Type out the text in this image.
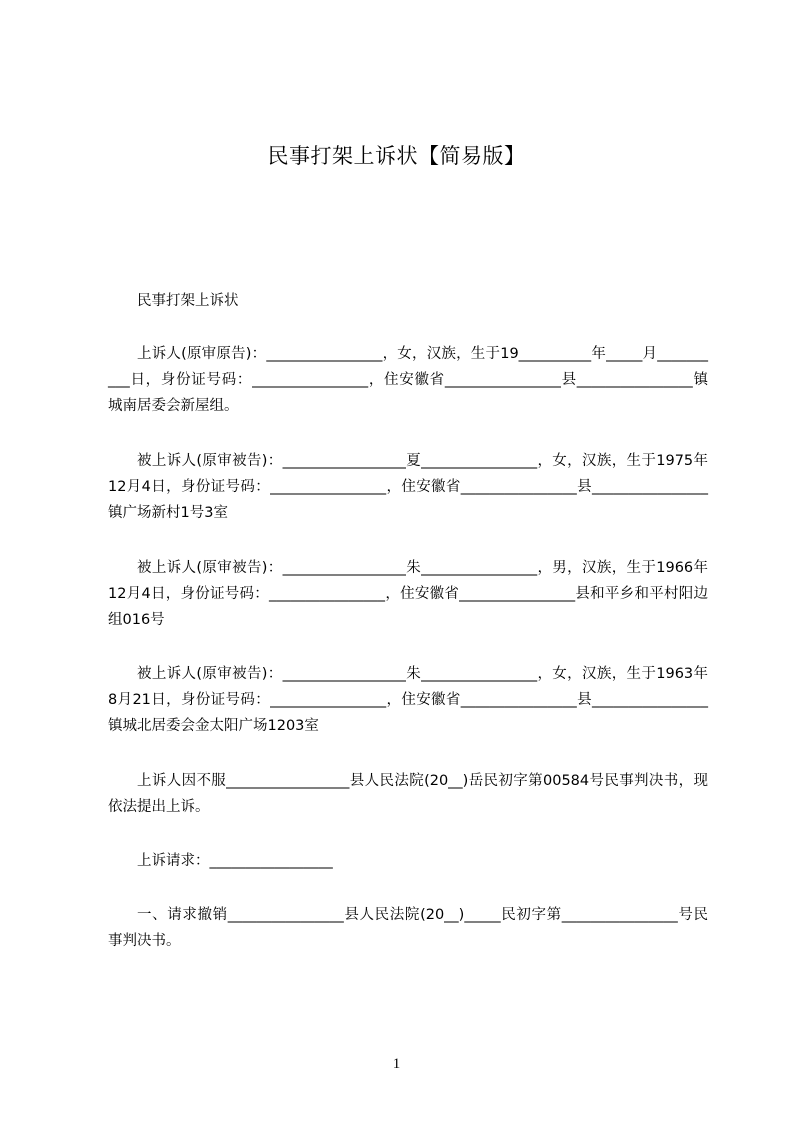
民事打架上诉状【简易版】
民事打架上诉状
上诉人(原审原告)：________________，女，汉族，生于19__________年_____月__________日，身份证号码：________________，住安徽省________________县________________镇城南居委会新屋组。
被上诉人(原审被告)：_________________夏________________，女，汉族，生于1975年12月4日，身份证号码：________________，住安徽省________________县________________镇广场新村1号3室
被上诉人(原审被告)：_________________朱________________，男，汉族，生于1966年12月4日，身份证号码：________________，住安徽省________________县和平乡和平村阳边组016号
被上诉人(原审被告)：_________________朱________________，女，汉族，生于1963年8月21日，身份证号码：________________，住安徽省________________县________________镇城北居委会金太阳广场1203室
上诉人因不服_________________县人民法院(20__)岳民初字第00584号民事判决书，现依法提出上诉。
上诉请求：_________________
一、请求撤销________________县人民法院(20__)_____民初字第________________号民事判决书。
1
